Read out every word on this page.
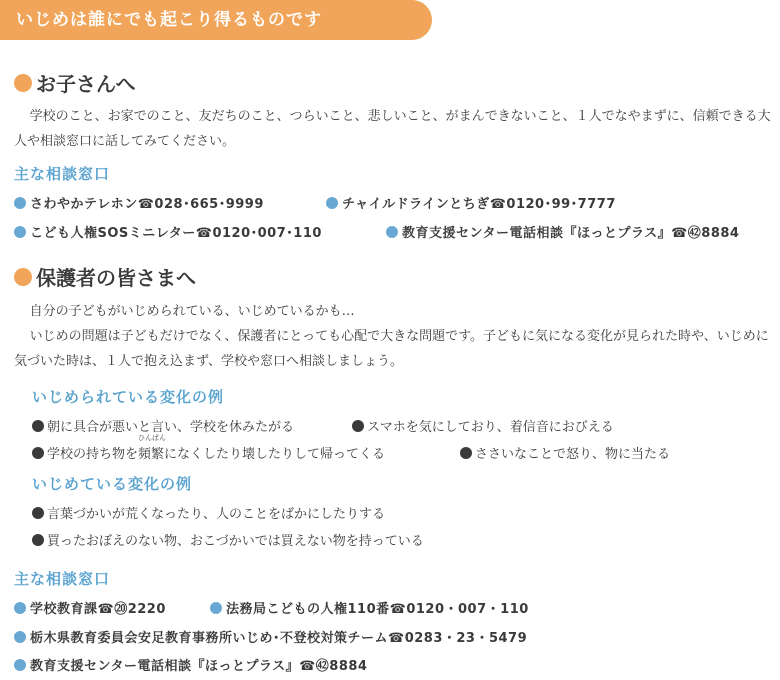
いじめは誰にでも起こり得るものです
お子さんへ
学校のこと、お家でのこと、友だちのこと、つらいこと、悲しいこと、がまんできないこと、１人でなやまずに、信頼できる大人や相談窓口に話してみてください。
主な相談窓口
さわやかテレホン☎028･665･9999	チャイルドラインとちぎ☎0120･99･7777
こども人権SOSミニレター☎0120･007･110	教育支援センター電話相談『ほっとプラス』☎㊷8884
保護者の皆さまへ
自分の子どもがいじめられている、いじめているかも…
いじめの問題は子どもだけでなく、保護者にとっても心配で大きな問題です。子どもに気になる変化が見られた時や、いじめに気づいた時は、１人で抱え込まず、学校や窓口へ相談しましょう。
いじめられている変化の例
朝に具合が悪いと言い、学校を休みたがる	スマホを気にしており、着信音におびえる
学校の持ち物を
ひんぱん
頻繁 になくしたり壊したりして帰ってくる	ささいなことで怒り、物に当たる
いじめている変化の例
言葉づかいが荒くなったり、人のことをばかにしたりする
買ったおぼえのない物、おこづかいでは買えない物を持っている
主な相談窓口
学校教育課☎⑳2220	法務局こどもの人権110番☎0120・007・110
栃木県教育委員会安足教育事務所いじめ･不登校対策チーム☎0283・23・5479
教育支援センター電話相談『ほっとプラス』☎㊷8884
